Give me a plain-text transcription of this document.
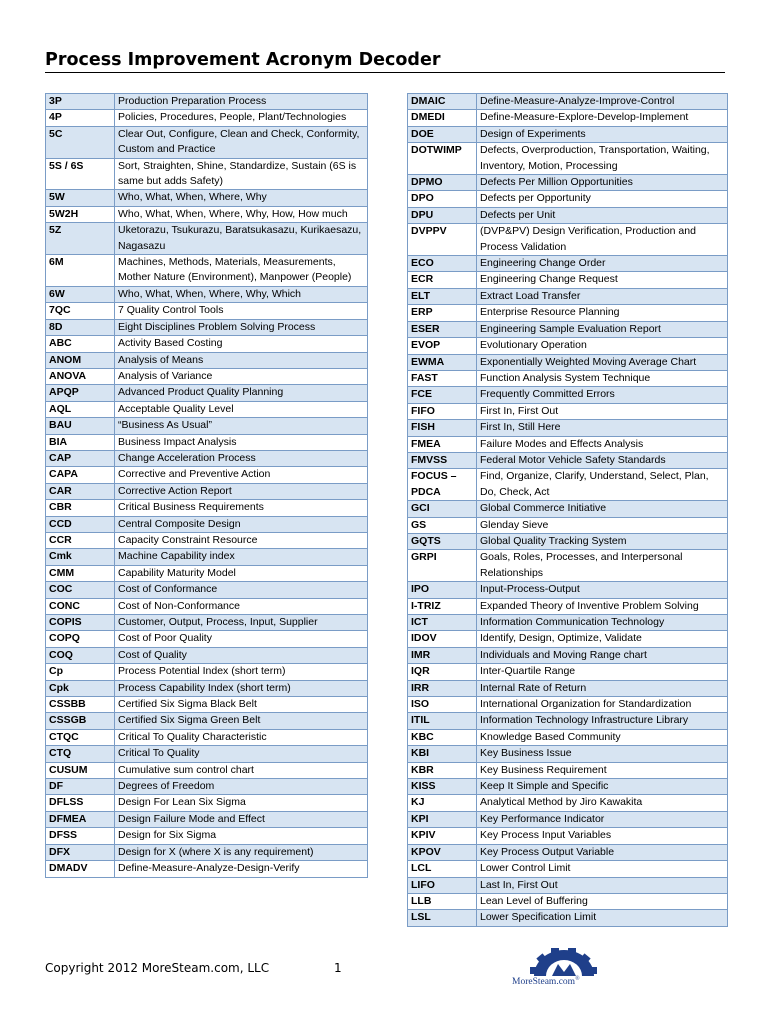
Process Improvement Acronym Decoder
3P	Production Preparation Process
4P	Policies, Procedures, People, Plant/Technologies
5C	Clear Out, Configure, Clean and Check, Conformity, Custom and Practice
5S / 6S	Sort, Straighten, Shine, Standardize, Sustain (6S is same but adds Safety)
5W	Who, What, When, Where, Why
5W2H	Who, What, When, Where, Why, How, How much
5Z	Uketorazu, Tsukurazu, Baratsukasazu, Kurikaesazu, Nagasazu
6M	Machines, Methods, Materials, Measurements, Mother Nature (Environment), Manpower (People)
6W	Who, What, When, Where, Why, Which
7QC	7 Quality Control Tools
8D	Eight Disciplines Problem Solving Process
ABC	Activity Based Costing
ANOM	Analysis of Means
ANOVA	Analysis of Variance
APQP	Advanced Product Quality Planning
AQL	Acceptable Quality Level
BAU	“Business As Usual”
BIA	Business Impact Analysis
CAP	Change Acceleration Process
CAPA	Corrective and Preventive Action
CAR	Corrective Action Report
CBR	Critical Business Requirements
CCD	Central Composite Design
CCR	Capacity Constraint Resource
Cmk	Machine Capability index
CMM	Capability Maturity Model
COC	Cost of Conformance
CONC	Cost of Non-Conformance
COPIS	Customer, Output, Process, Input, Supplier
COPQ	Cost of Poor Quality
COQ	Cost of Quality
Cp	Process Potential Index (short term)
Cpk	Process Capability Index (short term)
CSSBB	Certified Six Sigma Black Belt
CSSGB	Certified Six Sigma Green Belt
CTQC	Critical To Quality Characteristic
CTQ	Critical To Quality
CUSUM	Cumulative sum control chart
DF	Degrees of Freedom
DFLSS	Design For Lean Six Sigma
DFMEA	Design Failure Mode and Effect
DFSS	Design for Six Sigma
DFX	Design for X (where X is any requirement)
DMADV	Define-Measure-Analyze-Design-Verify
DMAIC	Define-Measure-Analyze-Improve-Control
DMEDI	Define-Measure-Explore-Develop-Implement
DOE	Design of Experiments
DOTWIMP	Defects, Overproduction, Transportation, Waiting, Inventory, Motion, Processing
DPMO	Defects Per Million Opportunities
DPO	Defects per Opportunity
DPU	Defects per Unit
DVPPV	(DVP&PV) Design Verification, Production and Process Validation
ECO	Engineering Change Order
ECR	Engineering Change Request
ELT	Extract Load Transfer
ERP	Enterprise Resource Planning
ESER	Engineering Sample Evaluation Report
EVOP	Evolutionary Operation
EWMA	Exponentially Weighted Moving Average Chart
FAST	Function Analysis System Technique
FCE	Frequently Committed Errors
FIFO	First In, First Out
FISH	First In, Still Here
FMEA	Failure Modes and Effects Analysis
FMVSS	Federal Motor Vehicle Safety Standards
FOCUS – PDCA	Find, Organize, Clarify, Understand, Select, Plan, Do, Check, Act
GCI	Global Commerce Initiative
GS	Glenday Sieve
GQTS	Global Quality Tracking System
GRPI	Goals, Roles, Processes, and Interpersonal Relationships
IPO	Input-Process-Output
I-TRIZ	Expanded Theory of Inventive Problem Solving
ICT	Information Communication Technology
IDOV	Identify, Design, Optimize, Validate
IMR	Individuals and Moving Range chart
IQR	Inter-Quartile Range
IRR	Internal Rate of Return
ISO	International Organization for Standardization
ITIL	Information Technology Infrastructure Library
KBC	Knowledge Based Community
KBI	Key Business Issue
KBR	Key Business Requirement
KISS	Keep It Simple and Specific
KJ	Analytical Method by Jiro Kawakita
KPI	Key Performance Indicator
KPIV	Key Process Input Variables
KPOV	Key Process Output Variable
LCL	Lower Control Limit
LIFO	Last In, First Out
LLB	Lean Level of Buffering
LSL	Lower Specification Limit
Copyright 2012 MoreSteam.com, LLC	1
MoreSteam.com®
